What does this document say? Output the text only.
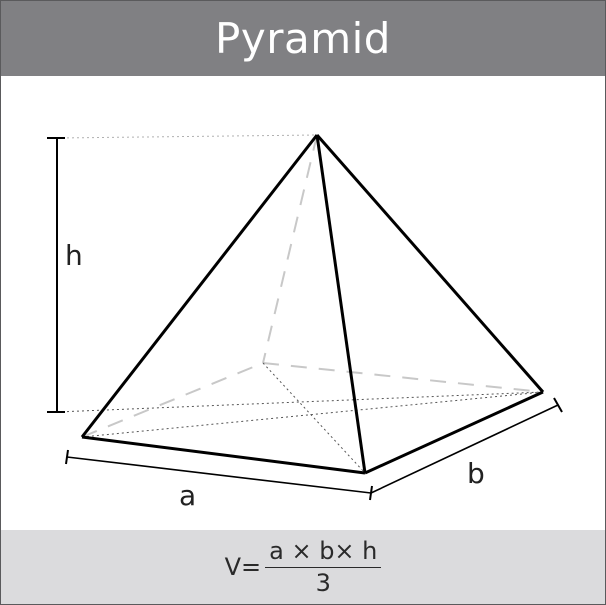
Pyramid
h
a
b
$V= \frac{a \times b\times h}{3}$
